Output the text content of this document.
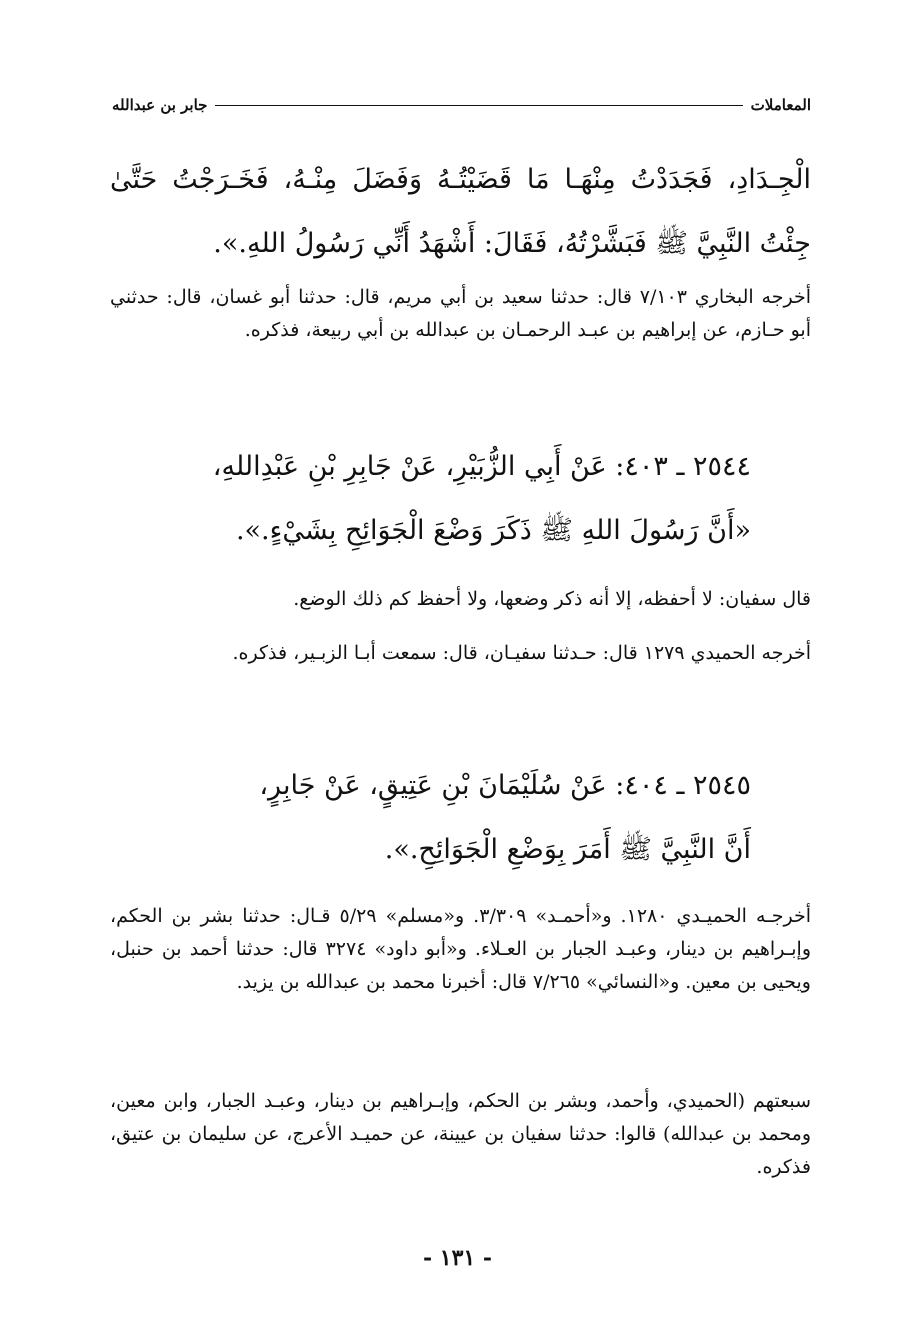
المعاملات
جابر بن عبدالله

الْجِـدَادِ، فَجَدَدْتُ مِنْهَـا مَا قَضَيْتُـهُ وَفَضَلَ مِنْـهُ، فَخَـرَجْتُ حَتَّىٰ جِئْتُ النَّبِيَّ ﷺ فَبَشَّرْتُهُ، فَقَالَ: أَشْهَدُ أَنِّي رَسُولُ اللهِ.».

أخرجه البخاري ٧/١٠٣ قال: حدثنا سعيد بن أبي مريم، قال: حدثنا أبو غسان، قال: حدثني أبو حـازم، عن إبراهيم بن عبـد الرحمـان بن عبدالله بن أبي ربيعة، فذكره.

٢٥٤٤ ـ ٤٠٣: عَنْ أَبِي الزُّبَيْرِ، عَنْ جَابِرِ بْنِ عَبْدِاللهِ،
«أَنَّ رَسُولَ اللهِ ﷺ ذَكَرَ وَضْعَ الْجَوَائِحِ بِشَيْءٍ.».

قال سفيان: لا أحفظه، إلا أنه ذكر وضعها، ولا أحفظ كم ذلك الوضع.

أخرجه الحميدي ١٢٧٩ قال: حـدثنا سفيـان، قال: سمعت أبـا الزبـير، فذكره.

٢٥٤٥ ـ ٤٠٤: عَنْ سُلَيْمَانَ بْنِ عَتِيقٍ، عَنْ جَابِرٍ،
أَنَّ النَّبِيَّ ﷺ أَمَرَ بِوَضْعِ الْجَوَائِحِ.».

أخرجـه الحميـدي ١٢٨٠. و«أحمـد» ٣/٣٠٩. و«مسلم» ٥/٢٩ قـال: حدثنا بشر بن الحكم، وإبـراهيم بن دينار، وعبـد الجبار بن العـلاء. و«أبو داود» ٣٢٧٤ قال: حدثنا أحمد بن حنبل، ويحيى بن معين. و«النسائي» ٧/٢٦٥ قال: أخبرنا محمد بن عبدالله بن يزيد.

سبعتهم (الحميدي، وأحمد، وبشر بن الحكم، وإبـراهيم بن دينار، وعبـد الجبار، وابن معين، ومحمد بن عبدالله) قالوا: حدثنا سفيان بن عيينة، عن حميـد الأعرج، عن سليمان بن عتيق، فذكره.

- ١٣١ -
